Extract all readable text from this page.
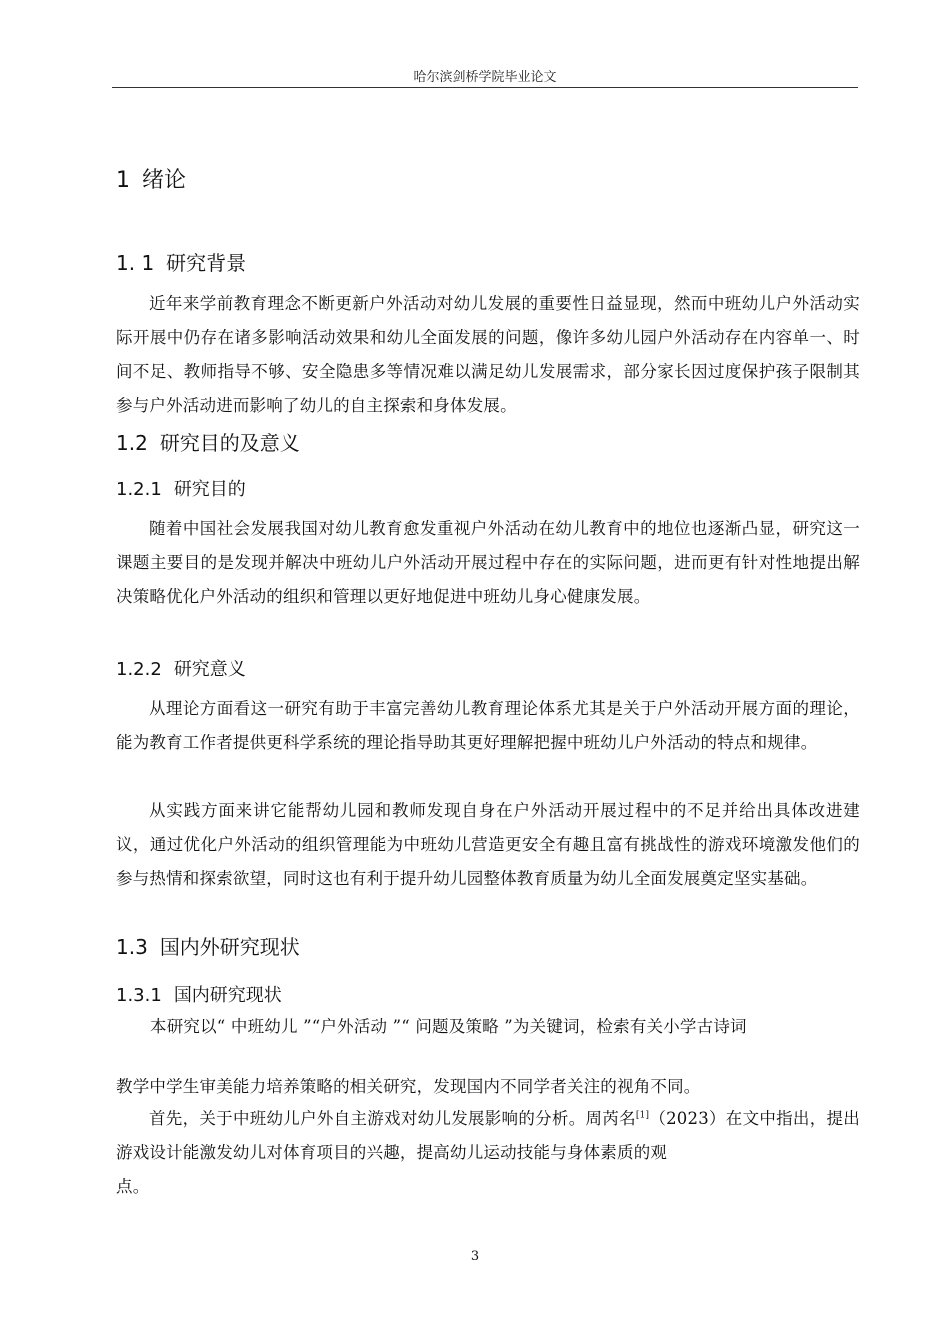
哈尔滨剑桥学院毕业论文
1 绪论
1. 1 研究背景
近年来学前教育理念不断更新户外活动对幼儿发展的重要性日益显现，然而中班幼儿户外活动实际开展中仍存在诸多影响活动效果和幼儿全面发展的问题，像许多幼儿园户外活动存在内容单一、时间不足、教师指导不够、安全隐患多等情况难以满足幼儿发展需求，部分家长因过度保护孩子限制其参与户外活动进而影响了幼儿的自主探索和身体发展。
1.2 研究目的及意义
1.2.1 研究目的
随着中国社会发展我国对幼儿教育愈发重视户外活动在幼儿教育中的地位也逐渐凸显，研究这一课题主要目的是发现并解决中班幼儿户外活动开展过程中存在的实际问题，进而更有针对性地提出解决策略优化户外活动的组织和管理以更好地促进中班幼儿身心健康发展。
1.2.2 研究意义
从理论方面看这一研究有助于丰富完善幼儿教育理论体系尤其是关于户外活动开展方面的理论，能为教育工作者提供更科学系统的理论指导助其更好理解把握中班幼儿户外活动的特点和规律。
从实践方面来讲它能帮幼儿园和教师发现自身在户外活动开展过程中的不足并给出具体改进建议，通过优化户外活动的组织管理能为中班幼儿营造更安全有趣且富有挑战性的游戏环境激发他们的参与热情和探索欲望，同时这也有利于提升幼儿园整体教育质量为幼儿全面发展奠定坚实基础。
1.3 国内外研究现状
1.3.1 国内研究现状
本研究以“ 中班幼儿 ”“户外活动 ”“ 问题及策略 ”为关键词，检索有关小学古诗词
教学中学生审美能力培养策略的相关研究，发现国内不同学者关注的视角不同。
首先，关于中班幼儿户外自主游戏对幼儿发展影响的分析。周芮名[1]（2023）在文中指出，提出游戏设计能激发幼儿对体育项目的兴趣，提高幼儿运动技能与身体素质的观
点。
3
